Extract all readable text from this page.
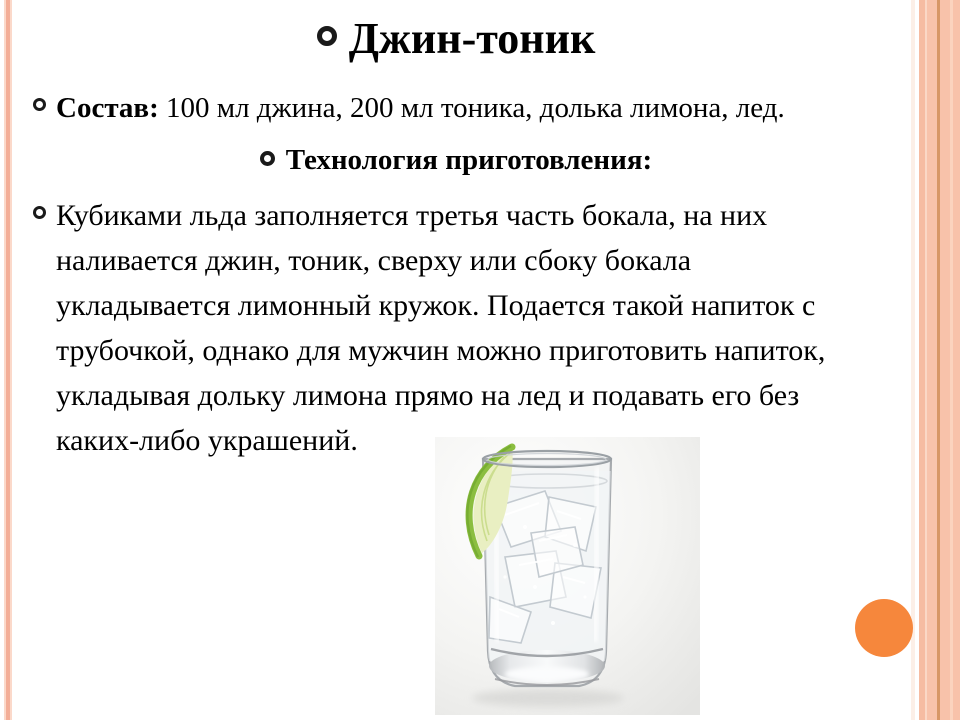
Джин-тоник
Состав: 100 мл джина, 200 мл тоника, долька лимона, лед.
Технология приготовления:
Кубиками льда заполняется третья часть бокала, на них
наливается джин, тоник, сверху или сбоку бокала
укладывается лимонный кружок. Подается такой напиток с
трубочкой, однако для мужчин можно приготовить напиток,
укладывая дольку лимона прямо на лед и подавать его без
каких-либо украшений.
